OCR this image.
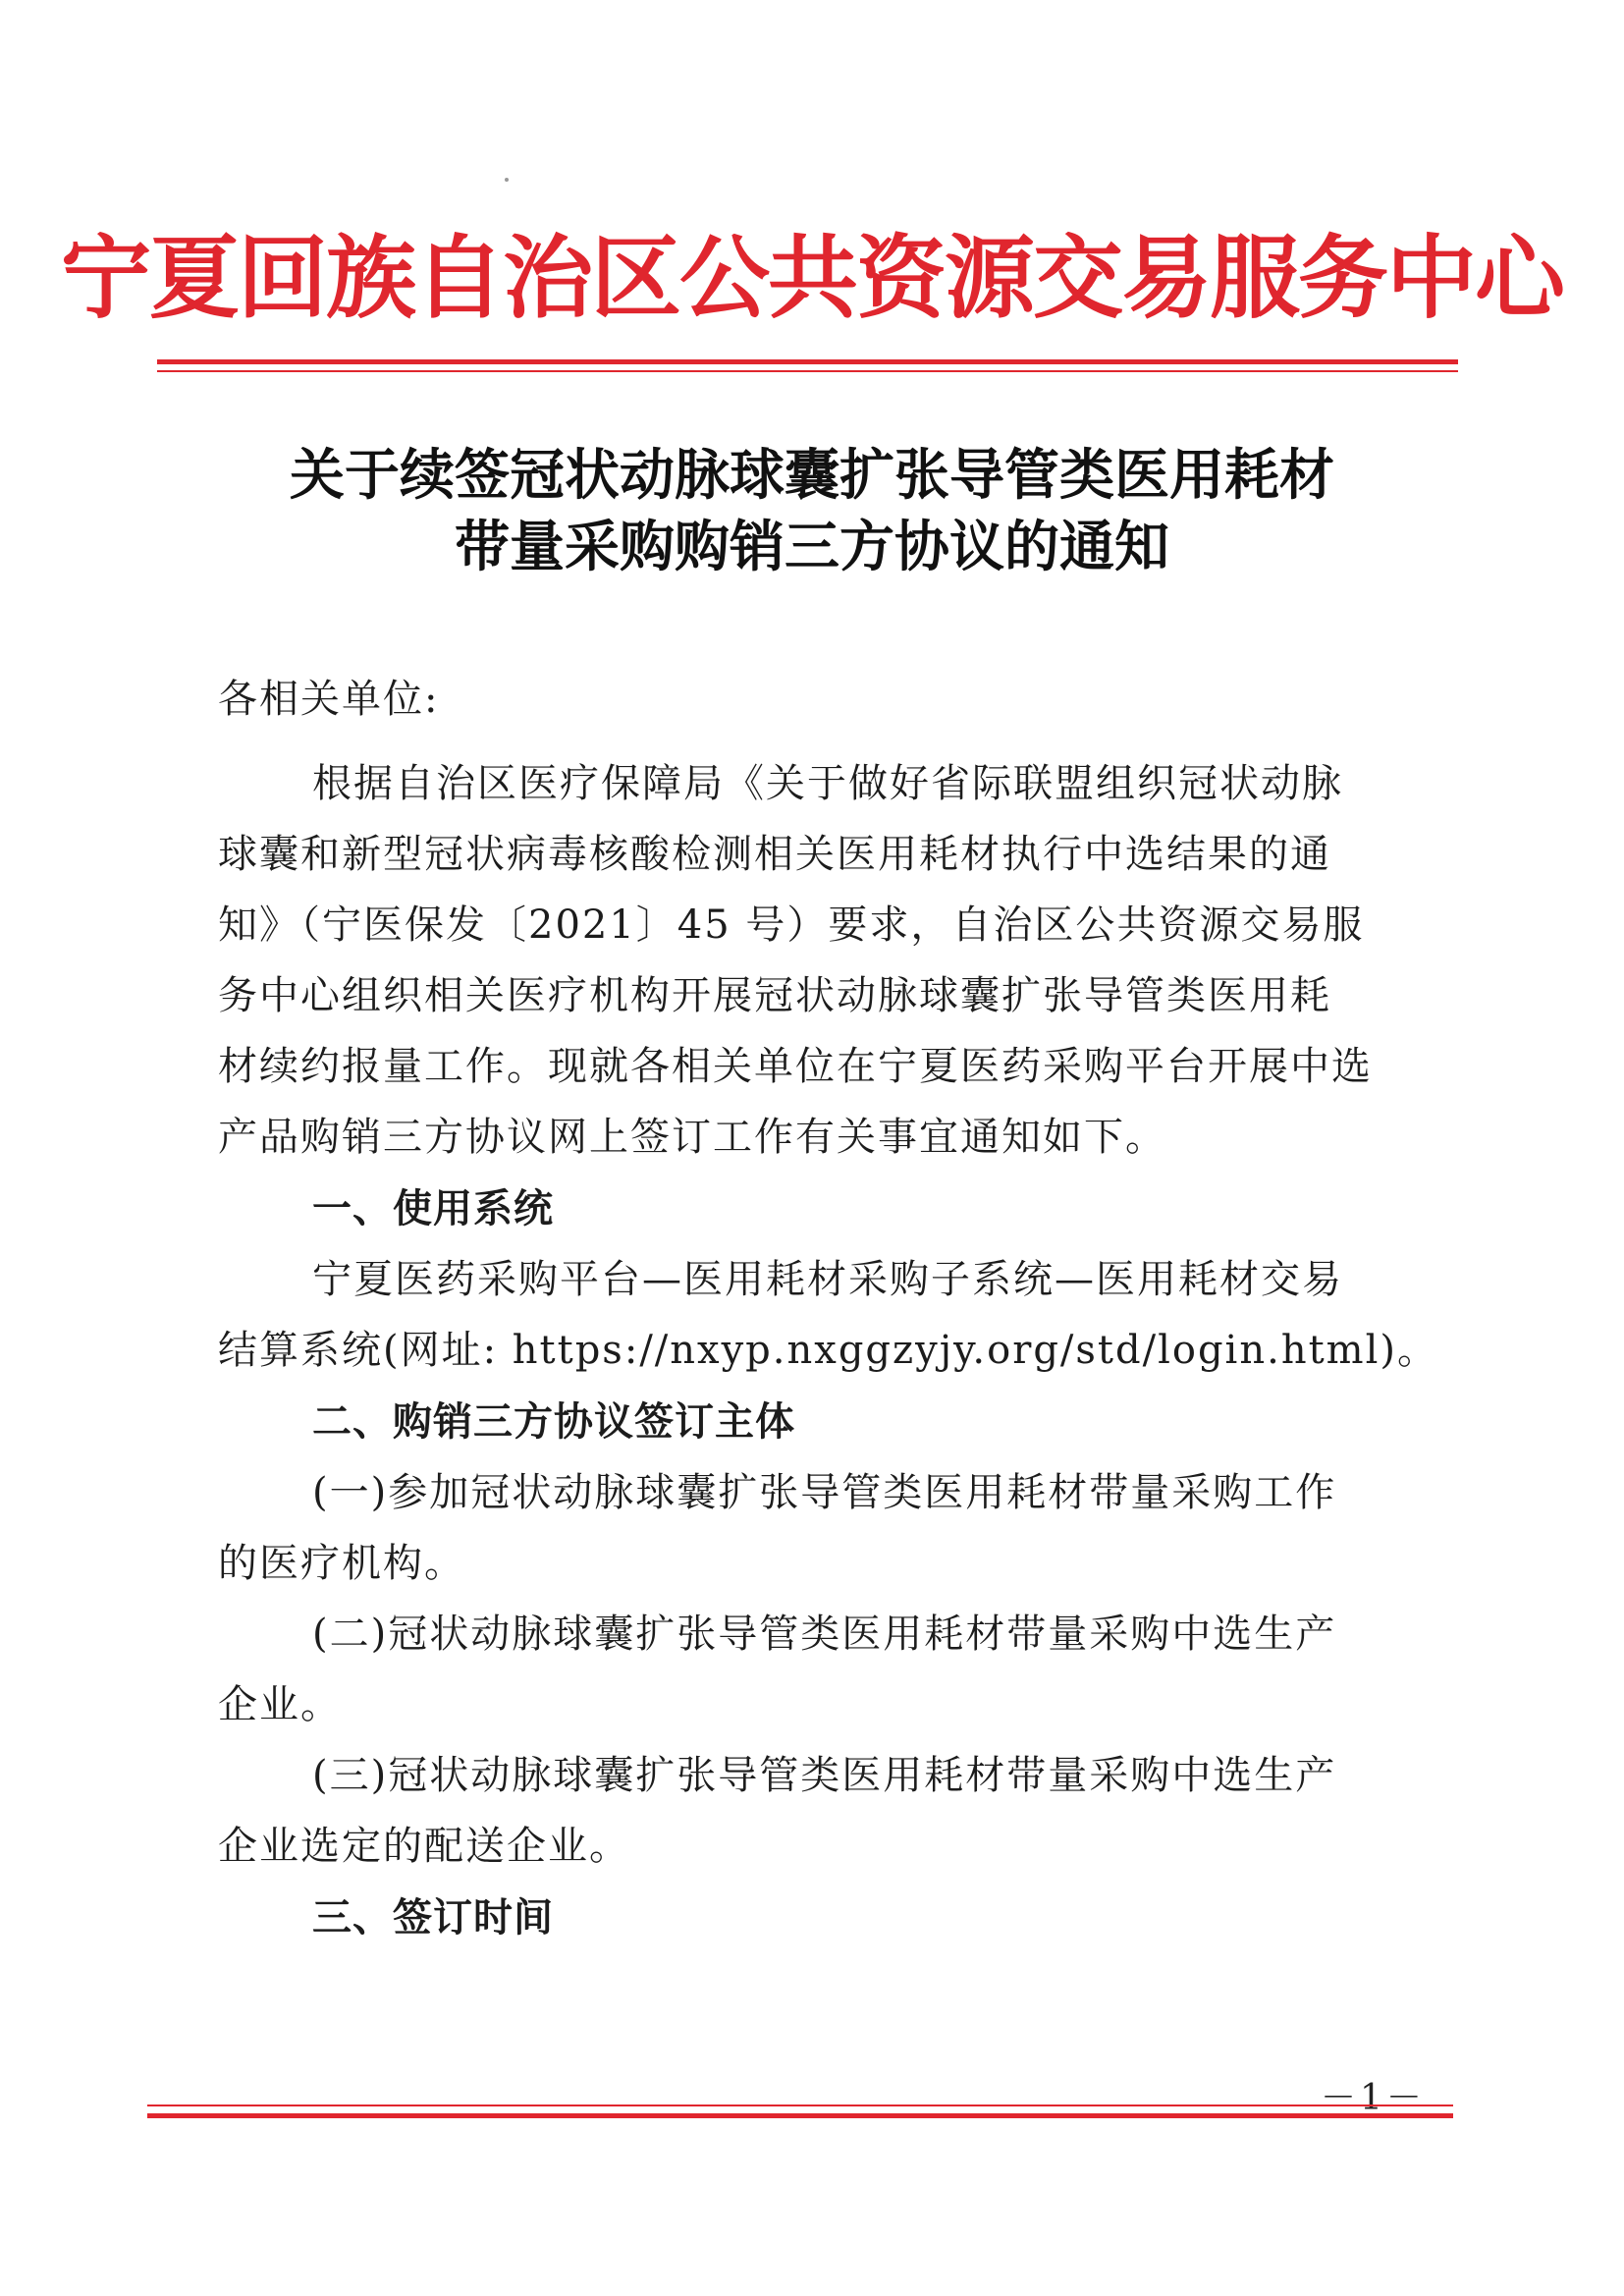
宁夏回族自治区公共资源交易服务中心
关于续签冠状动脉球囊扩张导管类医用耗材
带量采购购销三方协议的通知
各相关单位:
根据自治区医疗保障局《关于做好省际联盟组织冠状动脉
球囊和新型冠状病毒核酸检测相关医用耗材执行中选结果的通
知》（宁医保发〔2021〕45 号）要求，自治区公共资源交易服
务中心组织相关医疗机构开展冠状动脉球囊扩张导管类医用耗
材续约报量工作。现就各相关单位在宁夏医药采购平台开展中选
产品购销三方协议网上签订工作有关事宜通知如下。
一、使用系统
宁夏医药采购平台—医用耗材采购子系统—医用耗材交易
结算系统(网址: https://nxyp.nxggzyjy.org/std/login.html)。
二、购销三方协议签订主体
(一)参加冠状动脉球囊扩张导管类医用耗材带量采购工作
的医疗机构。
(二)冠状动脉球囊扩张导管类医用耗材带量采购中选生产
企业。
(三)冠状动脉球囊扩张导管类医用耗材带量采购中选生产
企业选定的配送企业。
三、签订时间
－1－
